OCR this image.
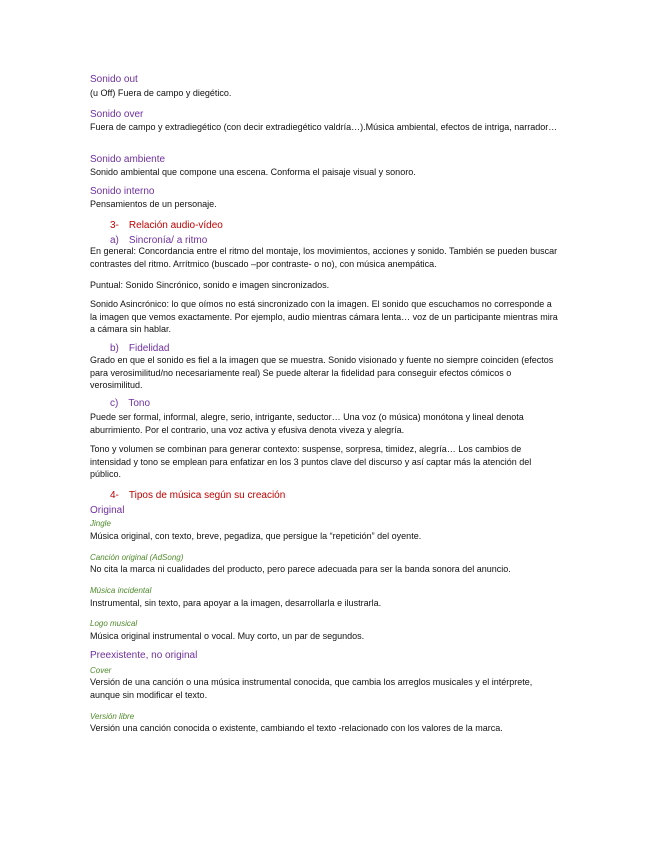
Sonido out
(u Off) Fuera de campo y diegético.
Sonido over
Fuera de campo y extradiegético (con decir extradiegético valdría…).Música ambiental, efectos de intriga, narrador…
Sonido ambiente
Sonido ambiental que compone una escena. Conforma el paisaje visual y sonoro.
Sonido interno
Pensamientos de un personaje.
3- Relación audio-vídeo
a) Sincronía/ a ritmo
En general: Concordancia entre el ritmo del montaje, los movimientos, acciones y sonido. También se pueden buscar contrastes del ritmo. Arrítmico (buscado –por contraste- o no), con música anempática.
Puntual: Sonido Sincrónico, sonido e imagen sincronizados.
Sonido Asincrónico: lo que oímos no está sincronizado con la imagen. El sonido que escuchamos no corresponde a la imagen que vemos exactamente. Por ejemplo, audio mientras cámara lenta… voz de un participante mientras mira a cámara sin hablar.
b) Fidelidad
Grado en que el sonido es fiel a la imagen que se muestra. Sonido visionado y fuente no siempre coinciden (efectos para verosimilitud/no necesariamente real) Se puede alterar la fidelidad para conseguir efectos cómicos o verosimilitud.
c) Tono
Puede ser formal, informal, alegre, serio, intrigante, seductor… Una voz (o música) monótona y lineal denota aburrimiento. Por el contrario, una voz activa y efusiva denota viveza y alegría.
Tono y volumen se combinan para generar contexto: suspense, sorpresa, timidez, alegría… Los cambios de intensidad y tono se emplean para enfatizar en los 3 puntos clave del discurso y así captar más la atención del público.
4- Tipos de música según su creación
Original
Jingle
Música original, con texto, breve, pegadiza, que persigue la “repetición” del oyente.
Canción original (AdSong)
No cita la marca ni cualidades del producto, pero parece adecuada para ser la banda sonora del anuncio.
Música incidental
Instrumental, sin texto, para apoyar a la imagen, desarrollarla e ilustrarla.
Logo musical
Música original instrumental o vocal. Muy corto, un par de segundos.
Preexistente, no original
Cover
Versión de una canción o una música instrumental conocida, que cambia los arreglos musicales y el intérprete, aunque sin modificar el texto.
Versión libre
Versión una canción conocida o existente, cambiando el texto -relacionado con los valores de la marca.
